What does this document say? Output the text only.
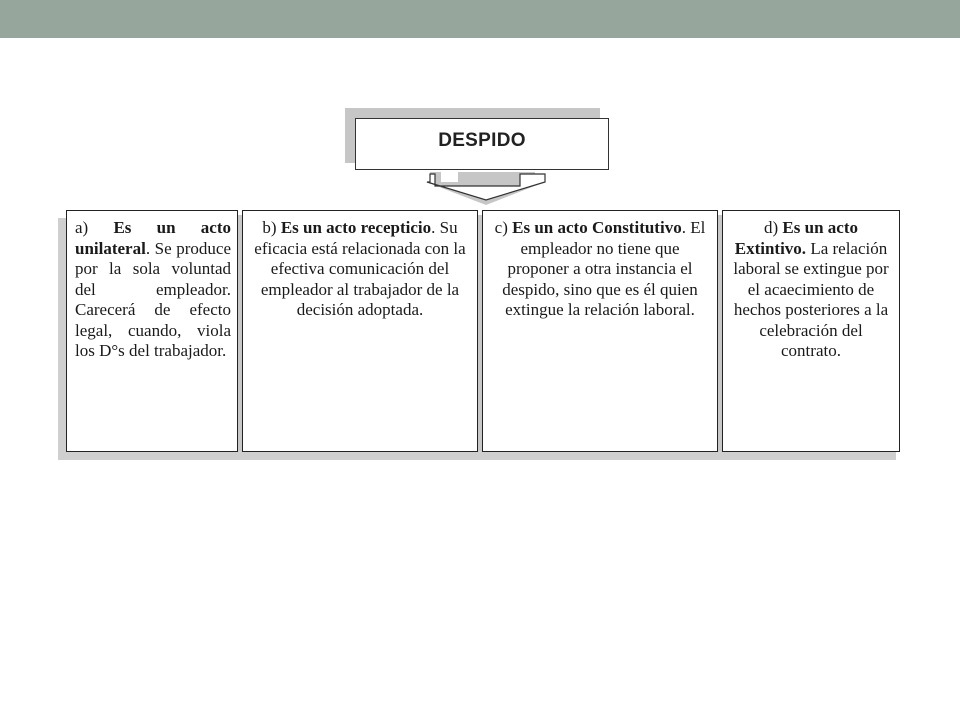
DESPIDO
a) Es un acto unilateral. Se produce por la sola voluntad del empleador. Carecerá de efecto legal, cuando, viola los D°s del trabajador.
b) Es un acto recepticio. Su eficacia está relacionada con la efectiva comunicación del empleador al trabajador de la decisión adoptada.
c) Es un acto Constitutivo. El empleador no tiene que proponer a otra instancia el despido, sino que es él quien extingue la relación laboral.
d) Es un acto Extintivo. La relación laboral se extingue por el acaecimiento de hechos posteriores a la celebración del contrato.
